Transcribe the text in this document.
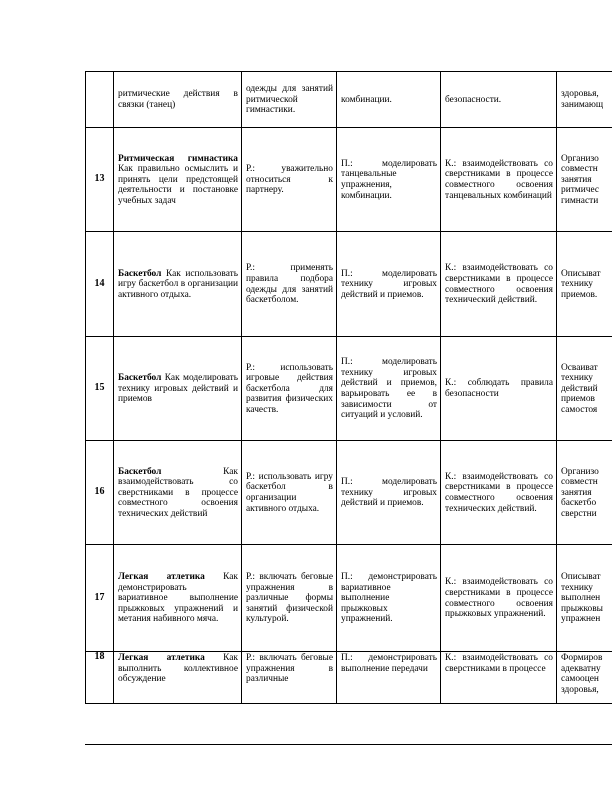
	ритмические действия в связки (танец)	одежды для занятий ритмической гимнастики.	комбинации.	безопасности.	здоровья, занимающ
13	Ритмическая гимнастика Как правильно осмыслить и принять цели предстоящей деятельности и постановке учебных задач	Р.: уважительно относиться к партнеру.	П.: моделировать танцевальные упражнения, комбинации.	К.: взаимодействовать со сверстниками в процессе совместного освоения танцевальных комбинаций	Организо совместн занятия ритмичес гимнасти
14	Баскетбол Как использовать игру баскетбол в организации активного отдыха.	Р.: применять правила подбора одежды для занятий баскетболом.	П.: моделировать технику игровых действий и приемов.	К.: взаимодействовать со сверстниками в процессе совместного освоения технический действий.	Описыват технику приемов.
15	Баскетбол Как моделировать технику игровых действий и приемов	Р.: использовать игровые действия баскетбола для развития физических качеств.	П.: моделировать технику игровых действий и приемов, варьировать ее в зависимости от ситуаций и условий.	К.: соблюдать правила безопасности	Осваиват технику действий приемов самостоя
16	Баскетбол Как взаимодействовать со сверстниками в процессе совместного освоения технических действий	Р.: использовать игру баскетбол в организации активного отдыха.	П.: моделировать технику игровых действий и приемов.	К.: взаимодействовать со сверстниками в процессе совместного освоения технических действий.	Организо совместн занятия баскетбо сверстни
17	Легкая атлетика Как демонстрировать вариативное выполнение прыжковых упражнений и метания набивного мяча.	Р.: включать беговые упражнения в различные формы занятий физической культурой.	П.: демонстрировать вариативное выполнение прыжковых упражнений.	К.: взаимодействовать со сверстниками в процессе совместного освоения прыжковых упражнений.	Описыват технику выполнен прыжковы упражнен
18	Легкая атлетика Как выполнить коллективное обсуждение	Р.: включать беговые упражнения в различные	П.: демонстрировать выполнение передачи	К.: взаимодействовать со сверстниками в процессе	Формиров адекватну самооцен здоровья,
